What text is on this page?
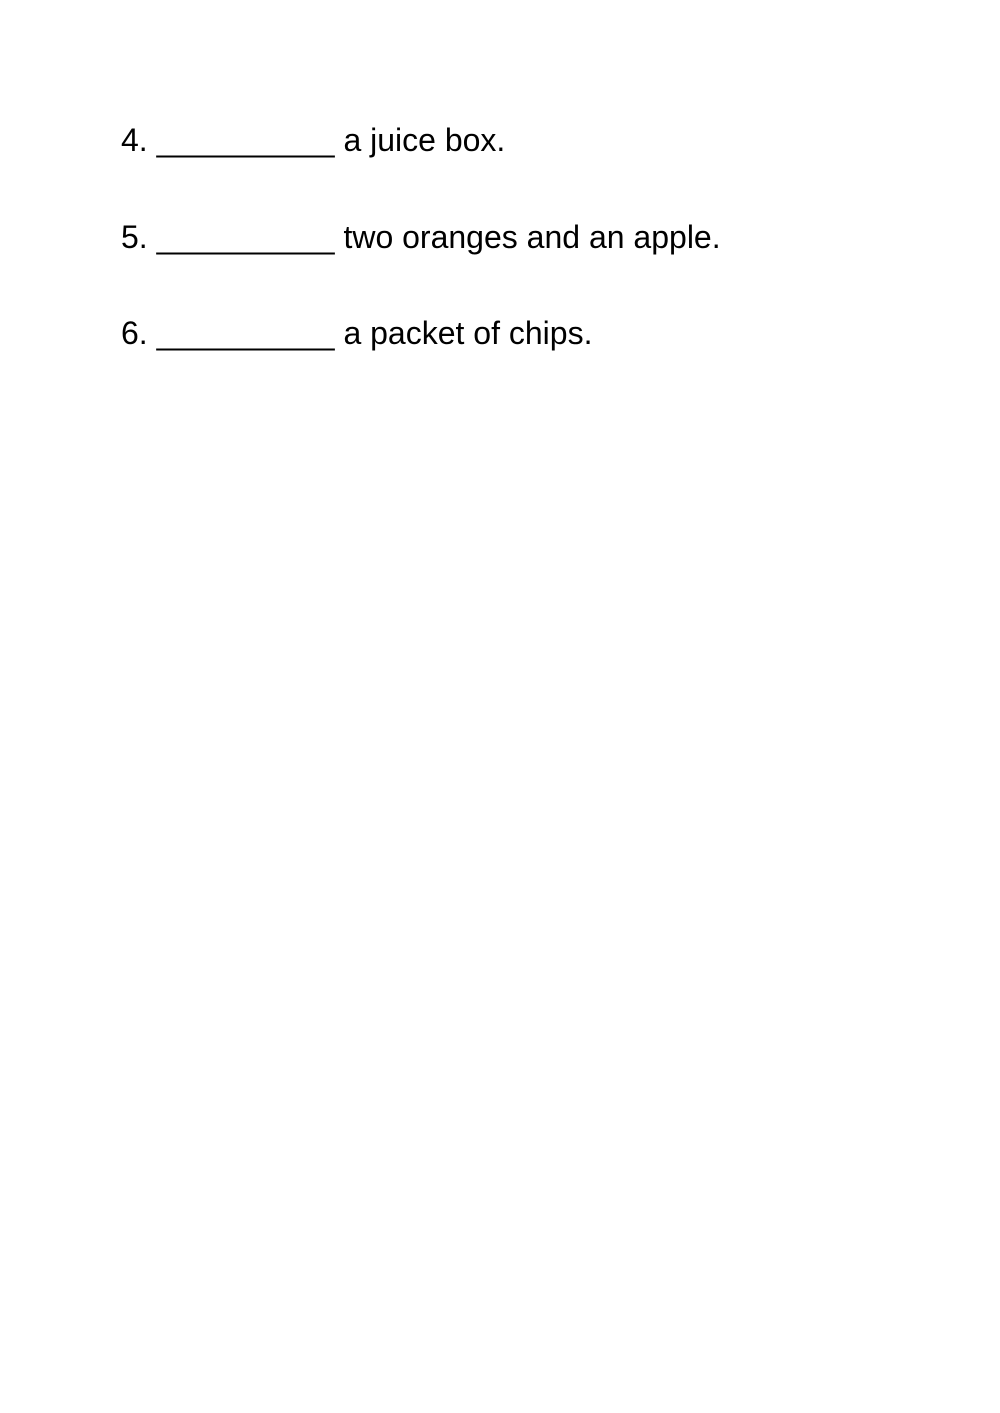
4. __________ a juice box.
5. __________ two oranges and an apple.
6. __________ a packet of chips.
